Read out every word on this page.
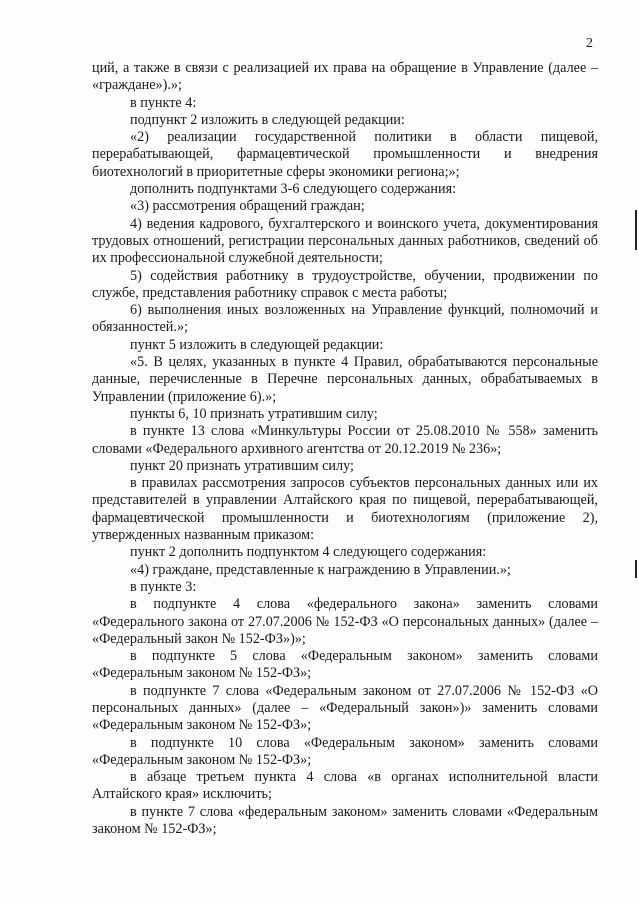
2

ций, а также в связи с реализацией их права на обращение в Управление (далее – «граждане»).»;

в пункте 4:

подпункт 2 изложить в следующей редакции:

«2) реализации государственной политики в области пищевой, перерабатывающей, фармацевтической промышленности и внедрения биотехнологий в приоритетные сферы экономики региона;»;

дополнить подпунктами 3-6 следующего содержания:

«3) рассмотрения обращений граждан;

4) ведения кадрового, бухгалтерского и воинского учета, документирования трудовых отношений, регистрации персональных данных работников, сведений об их профессиональной служебной деятельности;

5) содействия работнику в трудоустройстве, обучении, продвижении по службе, представления работнику справок с места работы;

6) выполнения иных возложенных на Управление функций, полномочий и обязанностей.»;

пункт 5 изложить в следующей редакции:

«5. В целях, указанных в пункте 4 Правил, обрабатываются персональные данные, перечисленные в Перечне персональных данных, обрабатываемых в Управлении (приложение 6).»;

пункты 6, 10 признать утратившим силу;

в пункте 13 слова «Минкультуры России от 25.08.2010 № 558» заменить словами «Федерального архивного агентства от 20.12.2019 № 236»;

пункт 20 признать утратившим силу;

в правилах рассмотрения запросов субъектов персональных данных или их представителей в управлении Алтайского края по пищевой, перерабатывающей, фармацевтической промышленности и биотехнологиям (приложение 2), утвержденных названным приказом:

пункт 2 дополнить подпунктом 4 следующего содержания:

«4) граждане, представленные к награждению в Управлении.»;

в пункте 3:

в подпункте 4 слова «федерального закона» заменить словами «Федерального закона от 27.07.2006 № 152-ФЗ «О персональных данных» (далее – «Федеральный закон № 152-ФЗ»)»;

в подпункте 5 слова «Федеральным законом» заменить словами «Федеральным законом № 152-ФЗ»;

в подпункте 7 слова «Федеральным законом от 27.07.2006 № 152-ФЗ «О персональных данных» (далее – «Федеральный закон»)» заменить словами «Федеральным законом № 152-ФЗ»;

в подпункте 10 слова «Федеральным законом» заменить словами «Федеральным законом № 152-ФЗ»;

в абзаце третьем пункта 4 слова «в органах исполнительной власти Алтайского края» исключить;

в пункте 7 слова «федеральным законом» заменить словами «Федеральным законом № 152-ФЗ»;
